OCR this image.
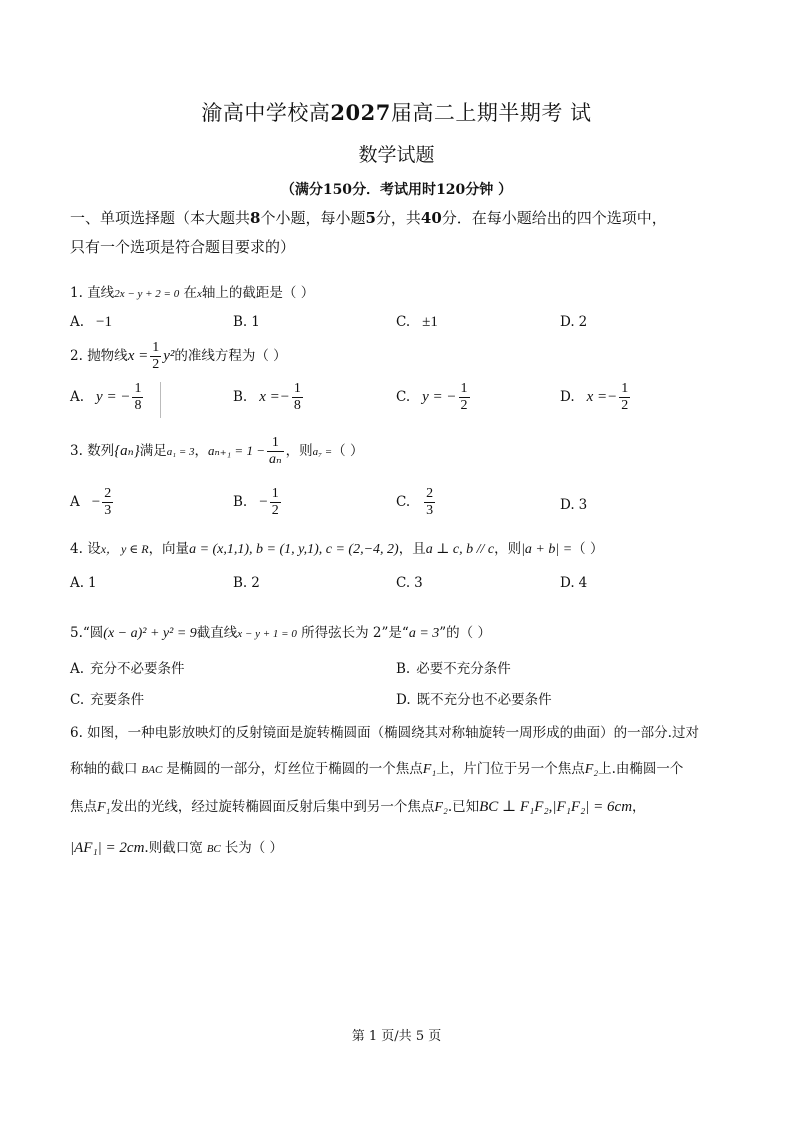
渝高中学校高2027届高二上期半期考 试
数学试题
（满分150分．考试用时120分钟 ）
一、单项选择题（本大题共8个小题，每小题5分，共40分．在每小题给出的四个选项中，
只有一个选项是符合题目要求的）
1. 直线2x − y + 2 = 0 在x轴上的截距是（ ）
A. −1	B. 1	C. ±1	D. 2
2. 抛物线$x = \frac{1}{2} y^2$的准线方程为（ ）
A. y = − $\frac{1}{8}$	B. $x =- \frac{1}{8}$	C. y = − $\frac{1}{2}$	D. $x =- \frac{1}{2}$
3. 数列{aₙ}满足a₁ = 3，$a_{n+1} = 1 - \frac{1}{\text{aₙ}}$ ，则a₇ =（ ）
$A - \frac{2}{3}$	B. − $\frac{1}{2}$	C. $\frac{2}{3}$	D. 3
4. 设x， y ∈ R，向量a = (x,1,1), b = (1, y,1), c = (2,−4, 2)，且a ⊥ c, b // c，则|a + b| =（ ）
A. 1	B. 2	C. 3	D. 4
5.“圆(x − a)² + y² = 9截直线x − y + 1 = 0 所得弦长为 2”是“a = 3”的（ ）
A. 充分不必要条件	B. 必要不充分条件
C. 充要条件	D. 既不充分也不必要条件
6. 如图，一种电影放映灯的反射镜面是旋转椭圆面（椭圆绕其对称轴旋转一周形成的曲面）的一部分.过对
称轴的截口 BAC 是椭圆的一部分，灯丝位于椭圆的一个焦点F₁上，片门位于另一个焦点F₂上.由椭圆一个
焦点F₁发出的光线，经过旋转椭圆面反射后集中到另一个焦点F₂.已知BC ⊥ F₁F₂,|F₁F₂| = 6cm，
|AF₁| = 2cm.则截口宽 BC 长为（ ）
第 1 页/共 5 页
